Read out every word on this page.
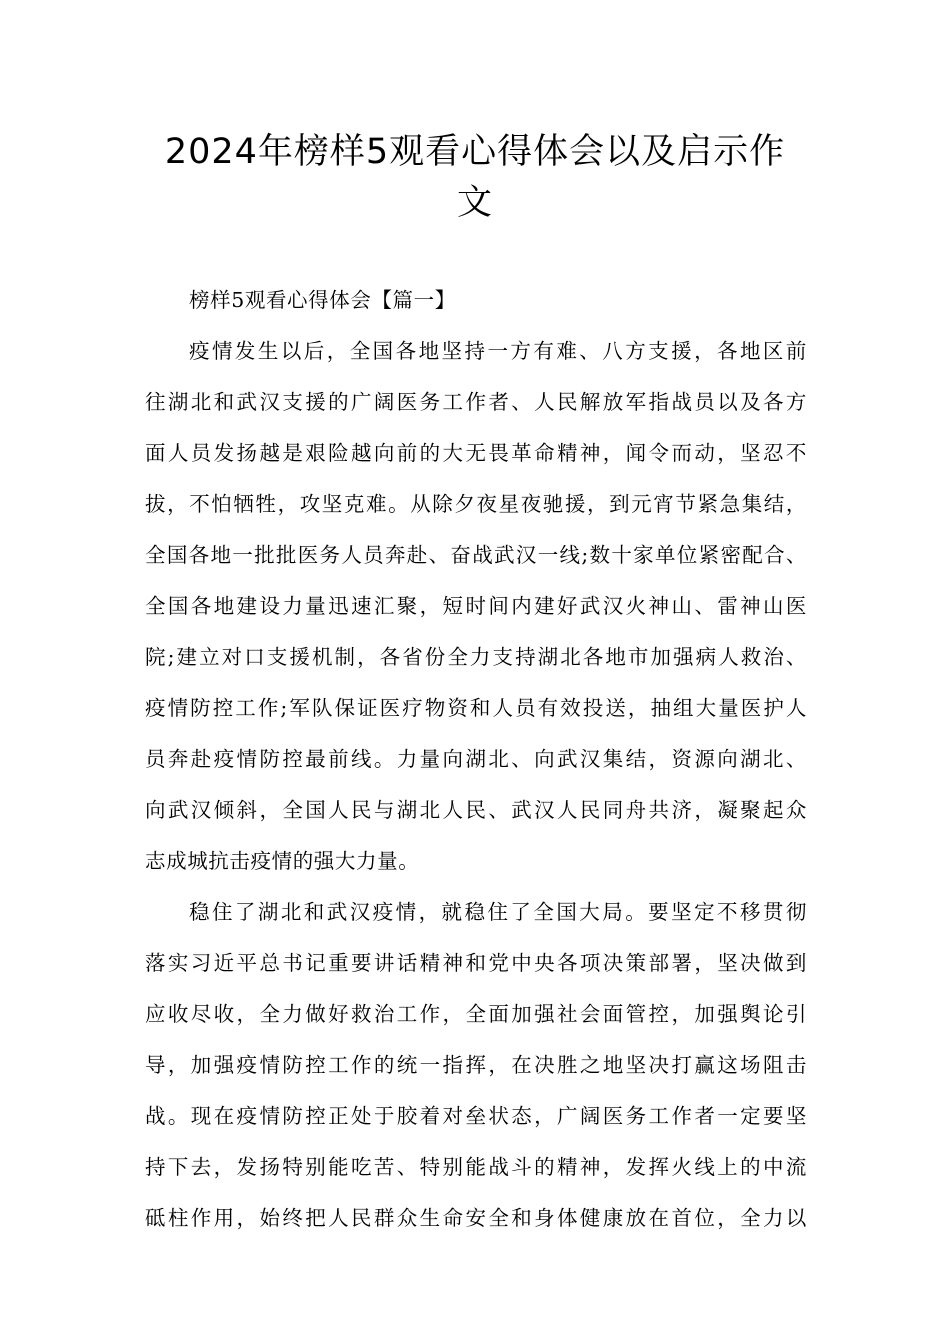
2024年榜样5观看心得体会以及启示作
文
榜样5观看心得体会【篇一】
疫情发生以后，全国各地坚持一方有难、八方支援，各地区前
往湖北和武汉支援的广阔医务工作者、人民解放军指战员以及各方
面人员发扬越是艰险越向前的大无畏革命精神，闻令而动，坚忍不
拔，不怕牺牲，攻坚克难。从除夕夜星夜驰援，到元宵节紧急集结，
全国各地一批批医务人员奔赴、奋战武汉一线;数十家单位紧密配合、
全国各地建设力量迅速汇聚，短时间内建好武汉火神山、雷神山医
院;建立对口支援机制，各省份全力支持湖北各地市加强病人救治、
疫情防控工作;军队保证医疗物资和人员有效投送，抽组大量医护人
员奔赴疫情防控最前线。力量向湖北、向武汉集结，资源向湖北、
向武汉倾斜，全国人民与湖北人民、武汉人民同舟共济，凝聚起众
志成城抗击疫情的强大力量。
稳住了湖北和武汉疫情，就稳住了全国大局。要坚定不移贯彻
落实习近平总书记重要讲话精神和党中央各项决策部署，坚决做到
应收尽收，全力做好救治工作，全面加强社会面管控，加强舆论引
导，加强疫情防控工作的统一指挥，在决胜之地坚决打赢这场阻击
战。现在疫情防控正处于胶着对垒状态，广阔医务工作者一定要坚
持下去，发扬特别能吃苦、特别能战斗的精神，发挥火线上的中流
砥柱作用，始终把人民群众生命安全和身体健康放在首位，全力以
